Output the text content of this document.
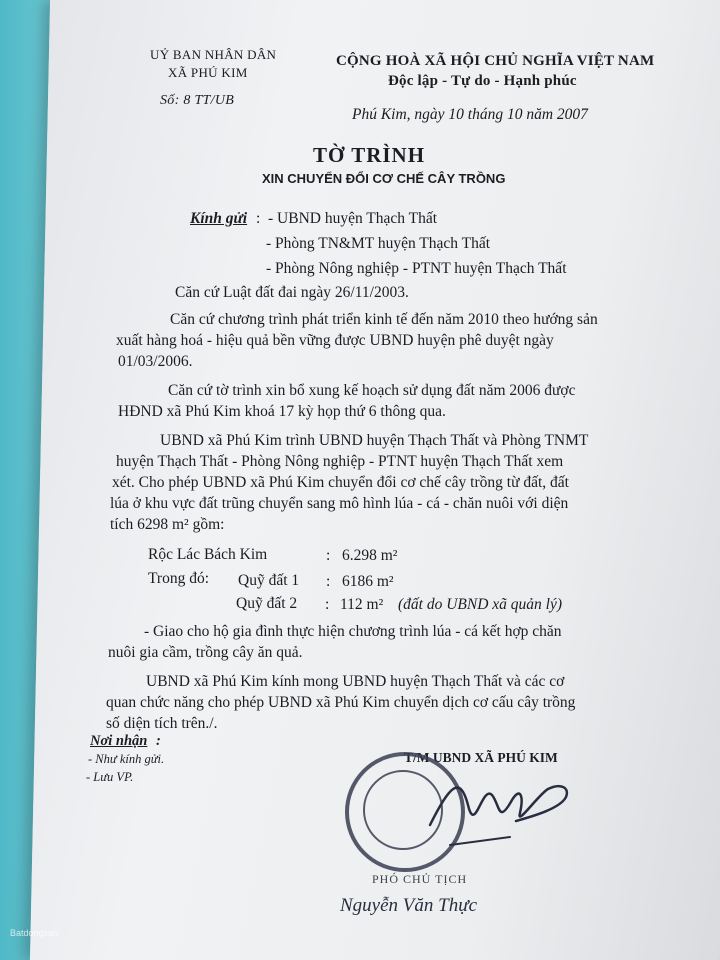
UỶ BAN NHÂN DÂN
XÃ PHÚ KIM
Số: 8 TT/UB
CỘNG HOÀ XÃ HỘI CHỦ NGHĨA VIỆT NAM
Độc lập - Tự do - Hạnh phúc
Phú Kim, ngày 10 tháng 10 năm 2007
TỜ TRÌNH
XIN CHUYỂN ĐỔI CƠ CHẾ CÂY TRỒNG
Kính gửi : - UBND huyện Thạch Thất
- Phòng TN&MT huyện Thạch Thất
- Phòng Nông nghiệp - PTNT huyện Thạch Thất
Căn cứ Luật đất đai ngày 26/11/2003.
Căn cứ chương trình phát triển kinh tế đến năm 2010 theo hướng sản
xuất hàng hoá - hiệu quả bền vững được UBND huyện phê duyệt ngày
01/03/2006.
Căn cứ tờ trình xin bổ xung kế hoạch sử dụng đất năm 2006 được
HĐND xã Phú Kim khoá 17 kỳ họp thứ 6 thông qua.
UBND xã Phú Kim trình UBND huyện Thạch Thất và Phòng TNMT
huyện Thạch Thất - Phòng Nông nghiệp - PTNT huyện Thạch Thất xem
xét. Cho phép UBND xã Phú Kim chuyển đổi cơ chế cây trồng từ đất, đất
lúa ở khu vực đất trũng chuyển sang mô hình lúa - cá - chăn nuôi với diện
tích 6298 m² gồm:
Rộc Lác Bách Kim	: 6.298 m²
Trong đó: Quỹ đất 1 : 6186 m²
Quỹ đất 2 : 112 m² (đất do UBND xã quản lý)
- Giao cho hộ gia đình thực hiện chương trình lúa - cá kết hợp chăn
nuôi gia cầm, trồng cây ăn quả.
UBND xã Phú Kim kính mong UBND huyện Thạch Thất và các cơ
quan chức năng cho phép UBND xã Phú Kim chuyển dịch cơ cấu cây trồng
số diện tích trên./.
Nơi nhận :
- Như kính gửi.
- Lưu VP.
T/M UBND XÃ PHÚ KIM
PHÓ CHỦ TỊCH
Nguyễn Văn Thực
Batdongsan
